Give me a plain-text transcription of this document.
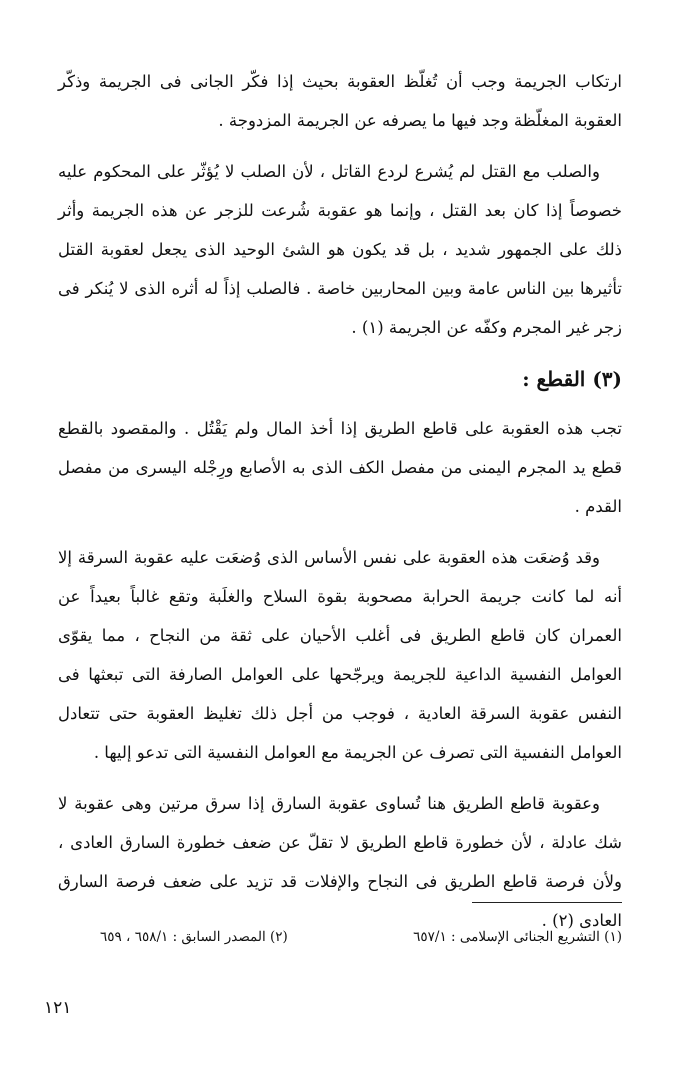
ارتكاب الجريمة وجب أن تُغلّظ العقوبة بحيث إذا فكّر الجانى فى الجريمة وذكّر العقوبة المغلّظة وجد فيها ما يصرفه عن الجريمة المزدوجة .

والصلب مع القتل لم يُشرع لردع القاتل ، لأن الصلب لا يُؤثّر على المحكوم عليه خصوصاً إذا كان بعد القتل ، وإنما هو عقوبة شُرعت للزجر عن هذه الجريمة وأثر ذلك على الجمهور شديد ، بل قد يكون هو الشئ الوحيد الذى يجعل لعقوبة القتل تأثيرها بين الناس عامة وبين المحاربين خاصة . فالصلب إذاً له أثره الذى لا يُنكر فى زجر غير المجرم وكفّه عن الجريمة (١) .

(٣) القطع :

تجب هذه العقوبة على قاطع الطريق إذا أخذ المال ولم يَقْتُل . والمقصود بالقطع قطع يد المجرم اليمنى من مفصل الكف الذى به الأصابع ورِجْله اليسرى من مفصل القدم .

وقد وُضعَت هذه العقوبة على نفس الأساس الذى وُضعَت عليه عقوبة السرقة إلا أنه لما كانت جريمة الحرابة مصحوبة بقوة السلاح والغلَبة وتقع غالباً بعيداً عن العمران كان قاطع الطريق فى أغلب الأحيان على ثقة من النجاح ، مما يقوّى العوامل النفسية الداعية للجريمة ويرجّحها على العوامل الصارفة التى تبعثها فى النفس عقوبة السرقة العادية ، فوجب من أجل ذلك تغليظ العقوبة حتى تتعادل العوامل النفسية التى تصرف عن الجريمة مع العوامل النفسية التى تدعو إليها .

وعقوبة قاطع الطريق هنا تُساوى عقوبة السارق إذا سرق مرتين وهى عقوبة لا شك عادلة ، لأن خطورة قاطع الطريق لا تقلّ عن ضعف خطورة السارق العادى ، ولأن فرصة قاطع الطريق فى النجاح والإفلات قد تزيد على ضعف فرصة السارق العادى (٢) .

(١) التشريع الجنائى الإسلامى : ٦٥٧/١
(٢) المصدر السابق : ٦٥٨/١ ، ٦٥٩
١٢١
